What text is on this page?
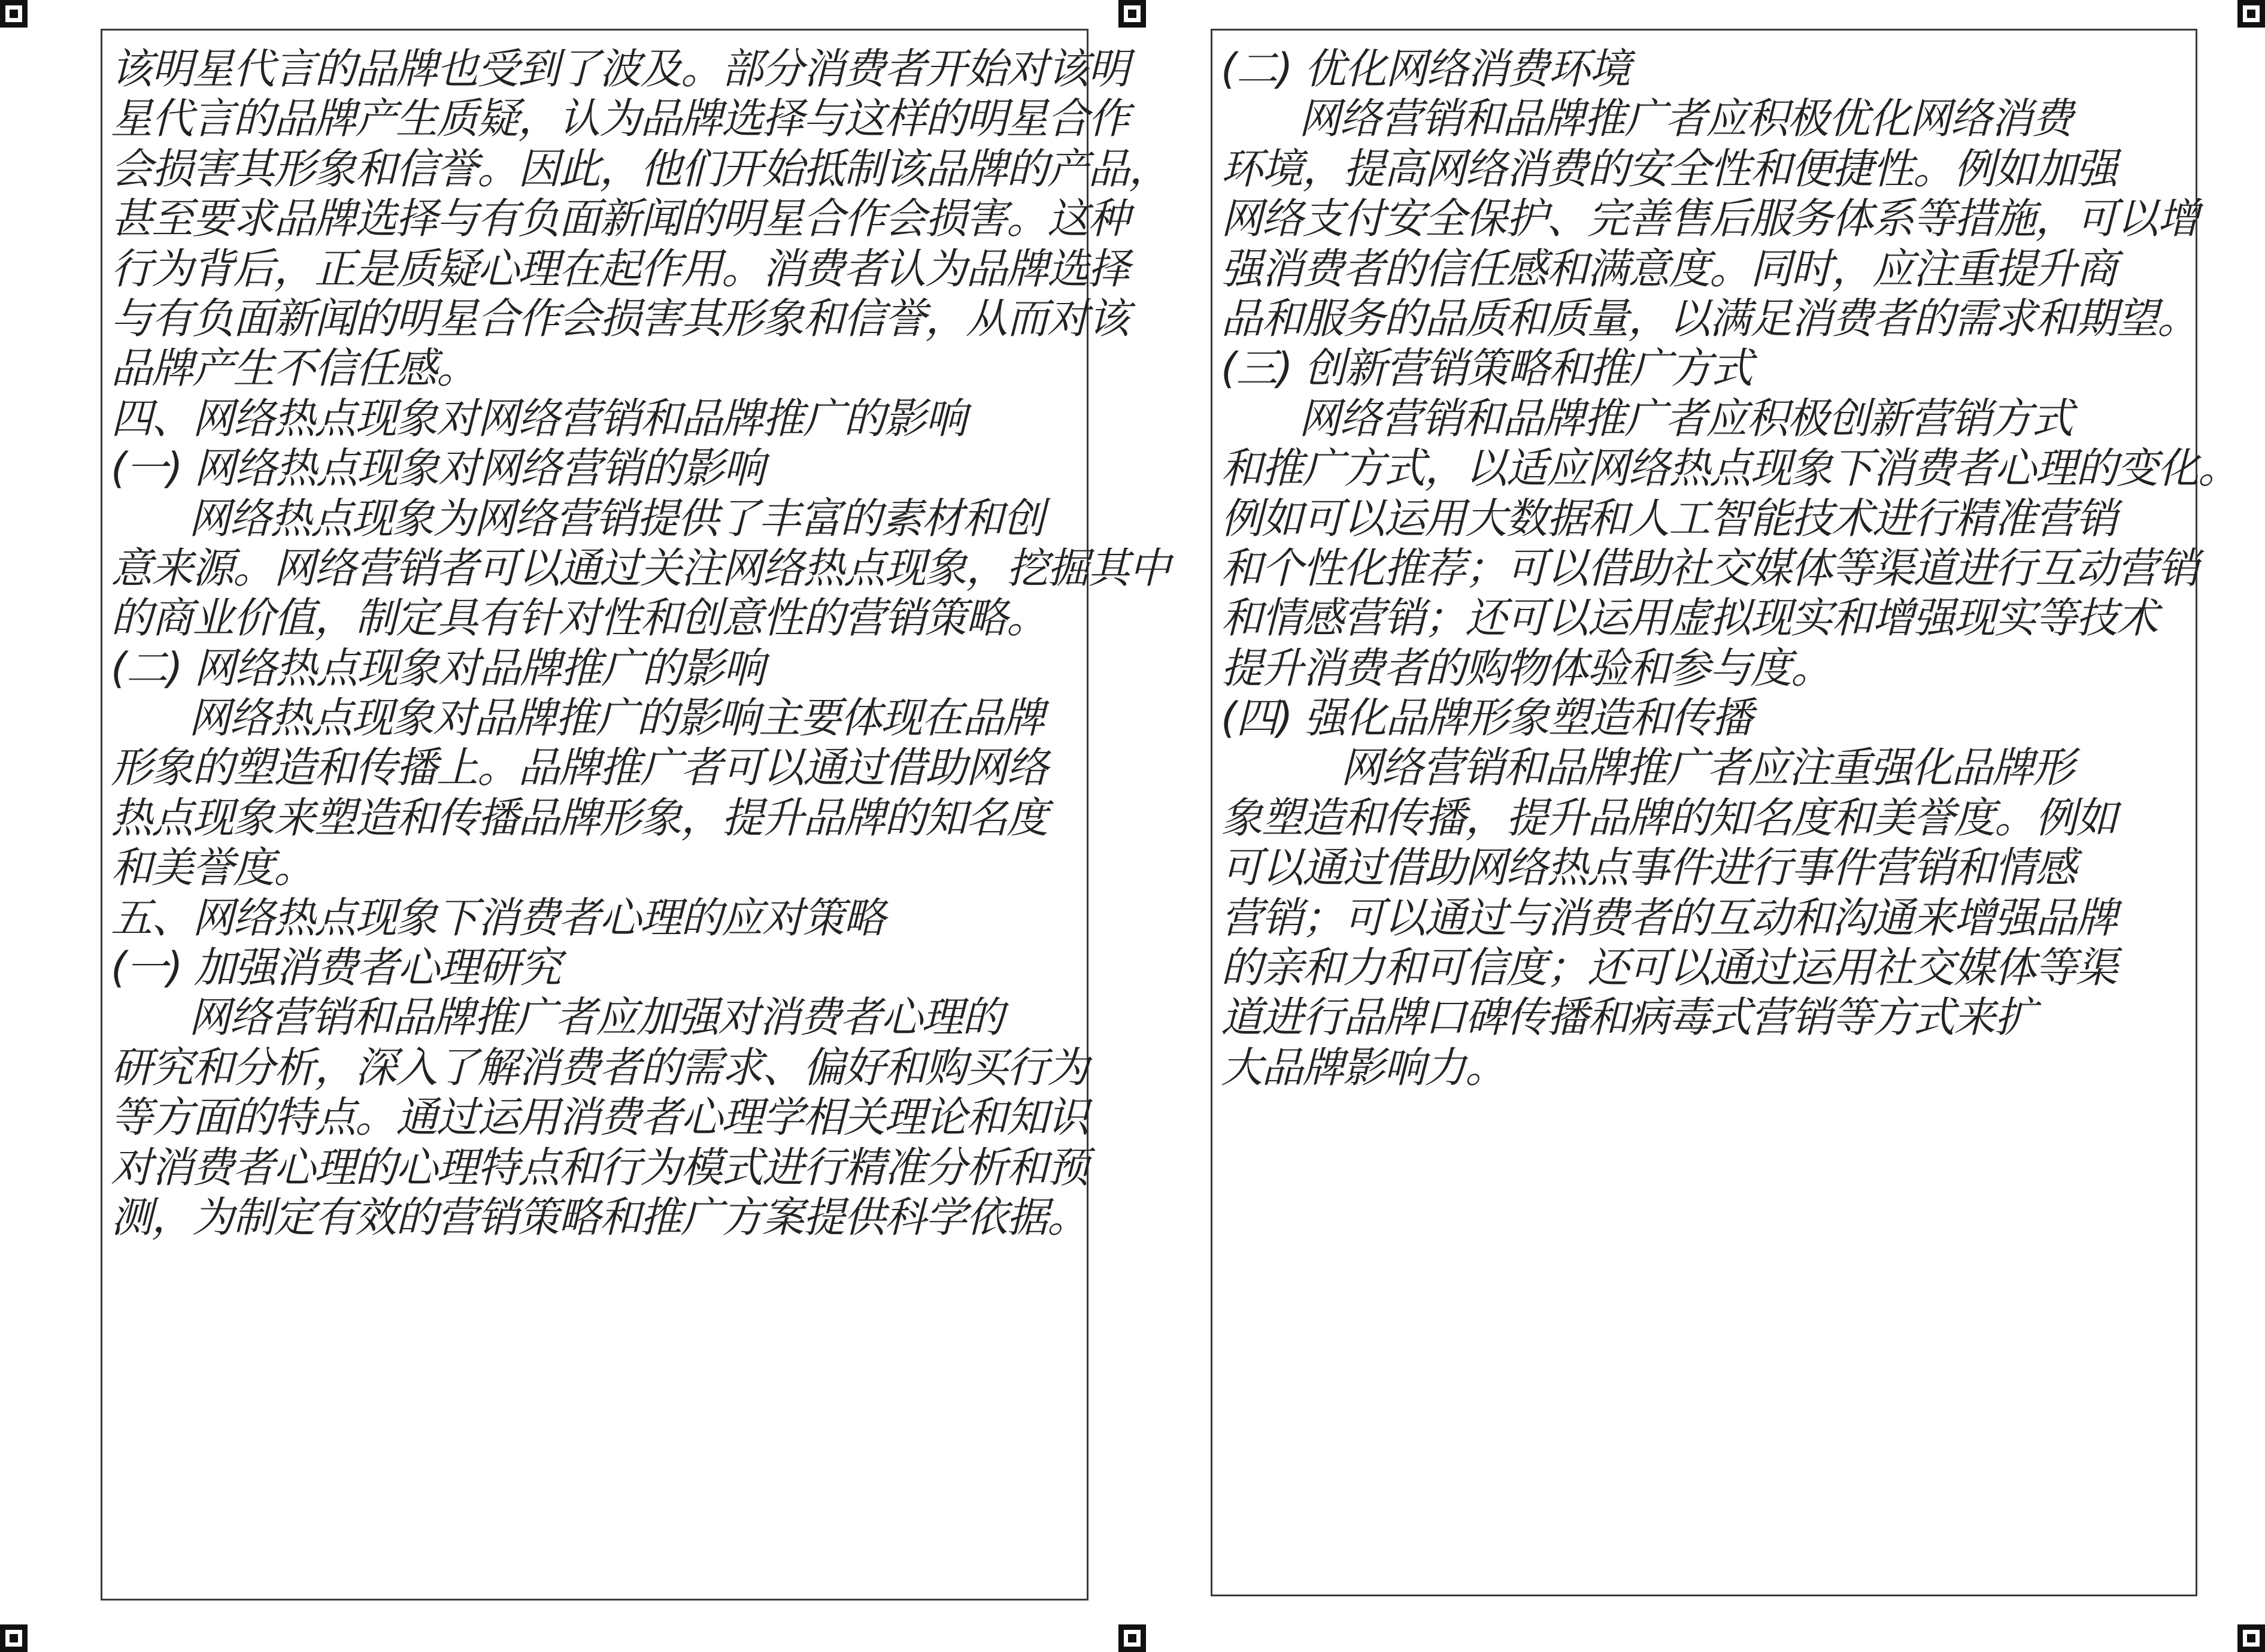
该明星代言的品牌也受到了波及。部分消费者开始对该明
星代言的品牌产生质疑，认为品牌选择与这样的明星合作
会损害其形象和信誉。因此，他们开始抵制该品牌的产品，
甚至要求品牌选择与有负面新闻的明星合作会损害。这种
行为背后，正是质疑心理在起作用。消费者认为品牌选择
与有负面新闻的明星合作会损害其形象和信誉，从而对该
品牌产生不信任感。
四、网络热点现象对网络营销和品牌推广的影响
(一) 网络热点现象对网络营销的影响
网络热点现象为网络营销提供了丰富的素材和创
意来源。网络营销者可以通过关注网络热点现象，挖掘其中
的商业价值，制定具有针对性和创意性的营销策略。
(二) 网络热点现象对品牌推广的影响
网络热点现象对品牌推广的影响主要体现在品牌
形象的塑造和传播上。品牌推广者可以通过借助网络
热点现象来塑造和传播品牌形象，提升品牌的知名度
和美誉度。
五、网络热点现象下消费者心理的应对策略
(一) 加强消费者心理研究
网络营销和品牌推广者应加强对消费者心理的
研究和分析，深入了解消费者的需求、偏好和购买行为
等方面的特点。通过运用消费者心理学相关理论和知识
对消费者心理的心理特点和行为模式进行精准分析和预
测，为制定有效的营销策略和推广方案提供科学依据。
(二) 优化网络消费环境
网络营销和品牌推广者应积极优化网络消费
环境，提高网络消费的安全性和便捷性。例如加强
网络支付安全保护、完善售后服务体系等措施，可以增
强消费者的信任感和满意度。同时，应注重提升商
品和服务的品质和质量，以满足消费者的需求和期望。
(三) 创新营销策略和推广方式
网络营销和品牌推广者应积极创新营销方式
和推广方式，以适应网络热点现象下消费者心理的变化。
例如可以运用大数据和人工智能技术进行精准营销
和个性化推荐；可以借助社交媒体等渠道进行互动营销
和情感营销；还可以运用虚拟现实和增强现实等技术
提升消费者的购物体验和参与度。
(四) 强化品牌形象塑造和传播
网络营销和品牌推广者应注重强化品牌形
象塑造和传播，提升品牌的知名度和美誉度。例如
可以通过借助网络热点事件进行事件营销和情感
营销；可以通过与消费者的互动和沟通来增强品牌
的亲和力和可信度；还可以通过运用社交媒体等渠
道进行品牌口碑传播和病毒式营销等方式来扩
大品牌影响力。
